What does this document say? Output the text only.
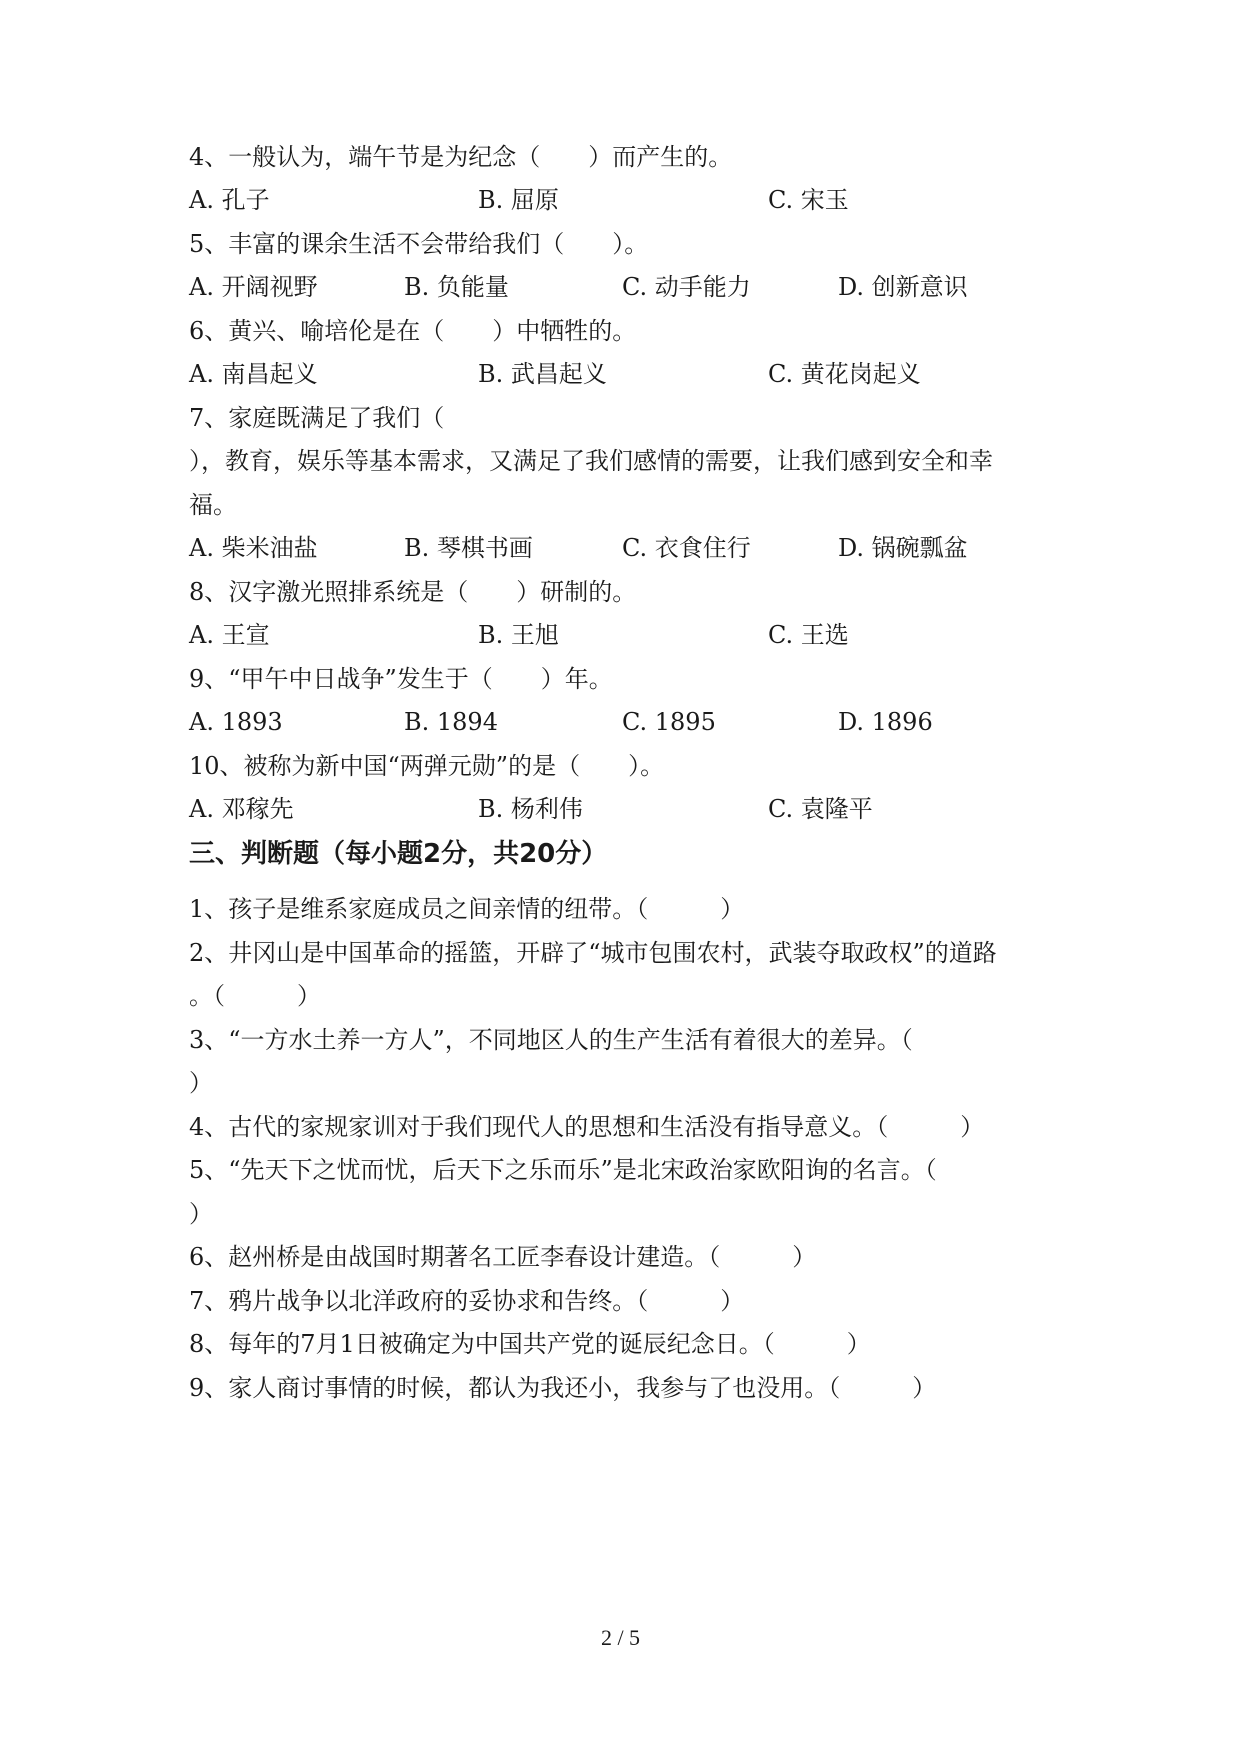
4、一般认为，端午节是为纪念（　　）而产生的。
A. 孔子	B. 屈原	C. 宋玉
5、丰富的课余生活不会带给我们（　　）。
A. 开阔视野	B. 负能量	C. 动手能力	D. 创新意识
6、黄兴、喻培伦是在（　　）中牺牲的。
A. 南昌起义	B. 武昌起义	C. 黄花岗起义
7、家庭既满足了我们（
），教育，娱乐等基本需求，又满足了我们感情的需要，让我们感到安全和幸
福。
A. 柴米油盐	B. 琴棋书画	C. 衣食住行	D. 锅碗瓢盆
8、汉字激光照排系统是（　　）研制的。
A. 王宣	B. 王旭	C. 王选
9、“甲午中日战争”发生于（　　）年。
A. 1893	B. 1894	C. 1895	D. 1896
10、被称为新中国“两弹元勋”的是（　　）。
A. 邓稼先	B. 杨利伟	C. 袁隆平
三、判断题（每小题2分，共20分）
1、孩子是维系家庭成员之间亲情的纽带。（　　　）
2、井冈山是中国革命的摇篮，开辟了“城市包围农村，武装夺取政权”的道路
。（　　　）
3、“一方水土养一方人”，不同地区人的生产生活有着很大的差异。（
）
4、古代的家规家训对于我们现代人的思想和生活没有指导意义。（　　　）
5、“先天下之忧而忧，后天下之乐而乐”是北宋政治家欧阳询的名言。（
）
6、赵州桥是由战国时期著名工匠李春设计建造。（　　　）
7、鸦片战争以北洋政府的妥协求和告终。（　　　）
8、每年的7月1日被确定为中国共产党的诞辰纪念日。（　　　）
9、家人商讨事情的时候，都认为我还小，我参与了也没用。（　　　）
2 / 5
